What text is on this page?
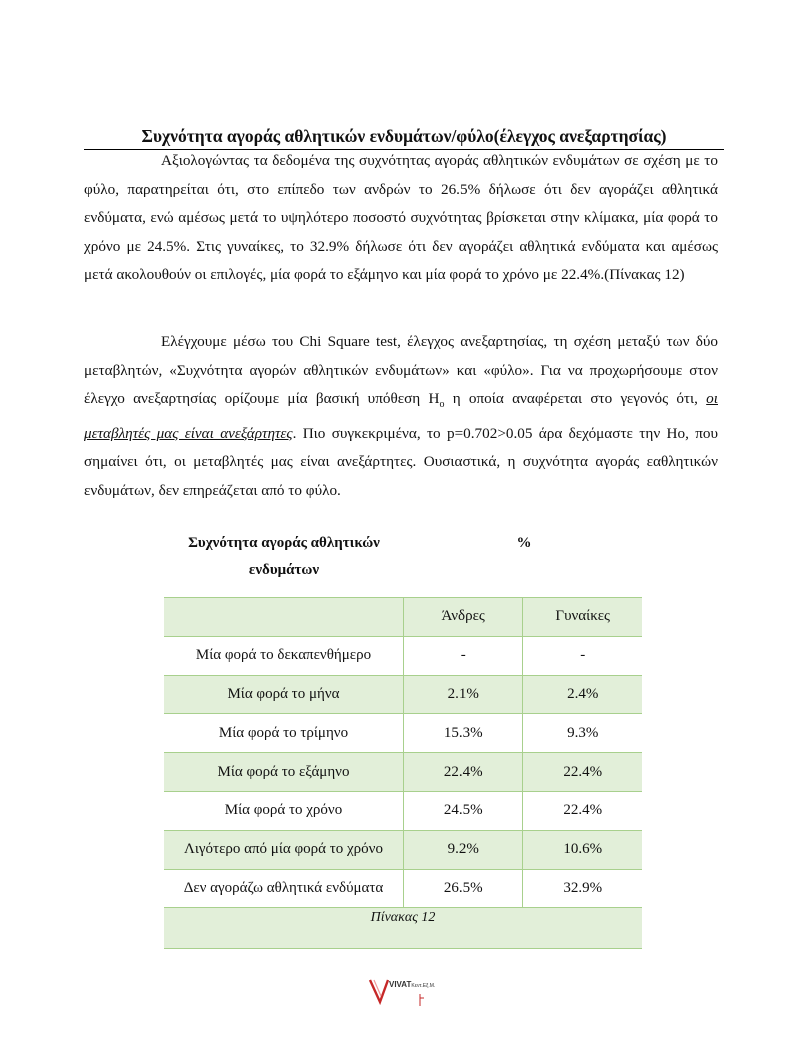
Συχνότητα αγοράς αθλητικών ενδυμάτων/φύλο(έλεγχος ανεξαρτησίας)

Αξιολογώντας τα δεδομένα της συχνότητας αγοράς αθλητικών ενδυμάτων σε σχέση με το φύλο, παρατηρείται ότι, στο επίπεδο των ανδρών το 26.5% δήλωσε ότι δεν αγοράζει αθλητικά ενδύματα, ενώ αμέσως μετά το υψηλότερο ποσοστό συχνότητας βρίσκεται στην κλίμακα, μία φορά το χρόνο με 24.5%. Στις γυναίκες, το 32.9% δήλωσε ότι δεν αγοράζει αθλητικά ενδύματα και αμέσως μετά ακολουθούν οι επιλογές, μία φορά το εξάμηνο και μία φορά το χρόνο με 22.4%.(Πίνακας 12)

Ελέγχουμε μέσω του Chi Square test, έλεγχος ανεξαρτησίας, τη σχέση μεταξύ των δύο μεταβλητών, «Συχνότητα αγορών αθλητικών ενδυμάτων» και «φύλο». Για να προχωρήσουμε στον έλεγχο ανεξαρτησίας ορίζουμε μία βασική υπόθεση $H_o$ η οποία αναφέρεται στο γεγονός ότι, οι μεταβλητές μας είναι ανεξάρτητες. Πιο συγκεκριμένα, το p=0.702>0.05 άρα δεχόμαστε την Ho, που σημαίνει ότι, οι μεταβλητές μας είναι ανεξάρτητες. Ουσιαστικά, η συχνότητα αγοράς εαθλητικών ενδυμάτων, δεν επηρεάζεται από το φύλο.

Συχνότητα αγοράς αθλητικών
ενδυμάτων
%
	Άνδρες	Γυναίκες
Μία φορά το δεκαπενθήμερο	-	-
Μία φορά το μήνα	2.1%	2.4%
Μία φορά το τρίμηνο	15.3%	9.3%
Μία φορά το εξάμηνο	22.4%	22.4%
Μία φορά το χρόνο	24.5%	22.4%
Λιγότερο από μία φορά το χρόνο	9.2%	10.6%
Δεν αγοράζω αθλητικά ενδύματα	26.5%	32.9%
Πίνακας 12		
VIVATΚεντ.Εξ.Μ.
